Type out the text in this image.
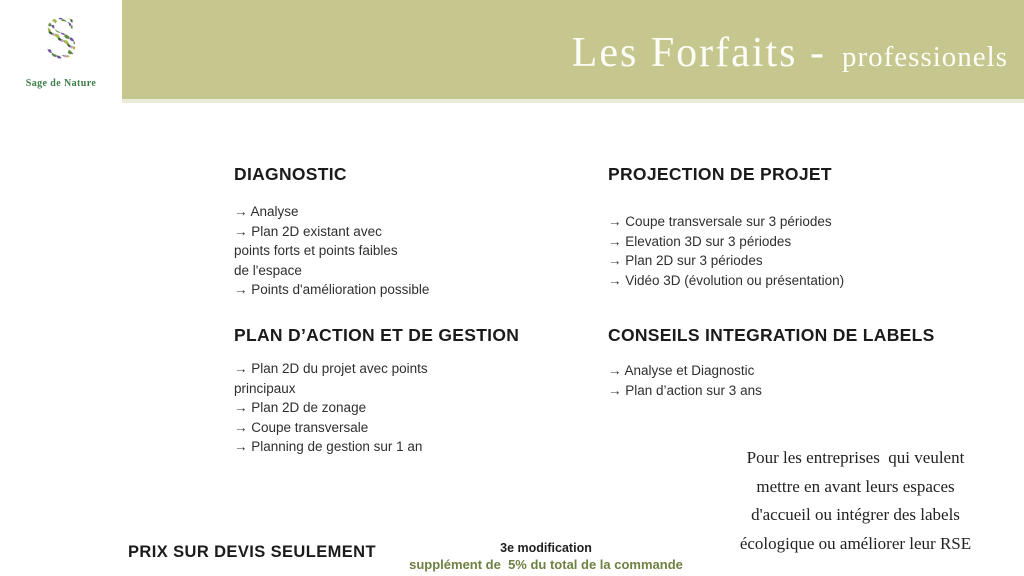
Les Forfaits - professionels
S
Sage de Nature
DIAGNOSTIC
→ Analyse
→ Plan 2D existant avec
points forts et points faibles
de l'espace
→ Points d'amélioration possible
PROJECTION DE PROJET
→ Coupe transversale sur 3 périodes
→ Elevation 3D sur 3 périodes
→ Plan 2D sur 3 périodes
→ Vidéo 3D (évolution ou présentation)
PLAN D’ACTION ET DE GESTION
→ Plan 2D du projet avec points
principaux
→ Plan 2D de zonage
→ Coupe transversale
→ Planning de gestion sur 1 an
CONSEILS INTEGRATION DE LABELS
→ Analyse et Diagnostic
→ Plan d’action sur 3 ans
Pour les entreprises  qui veulent
mettre en avant leurs espaces
d'accueil ou intégrer des labels
écologique ou améliorer leur RSE
PRIX SUR DEVIS SEULEMENT	3e modification
supplément de  5% du total de la commande
